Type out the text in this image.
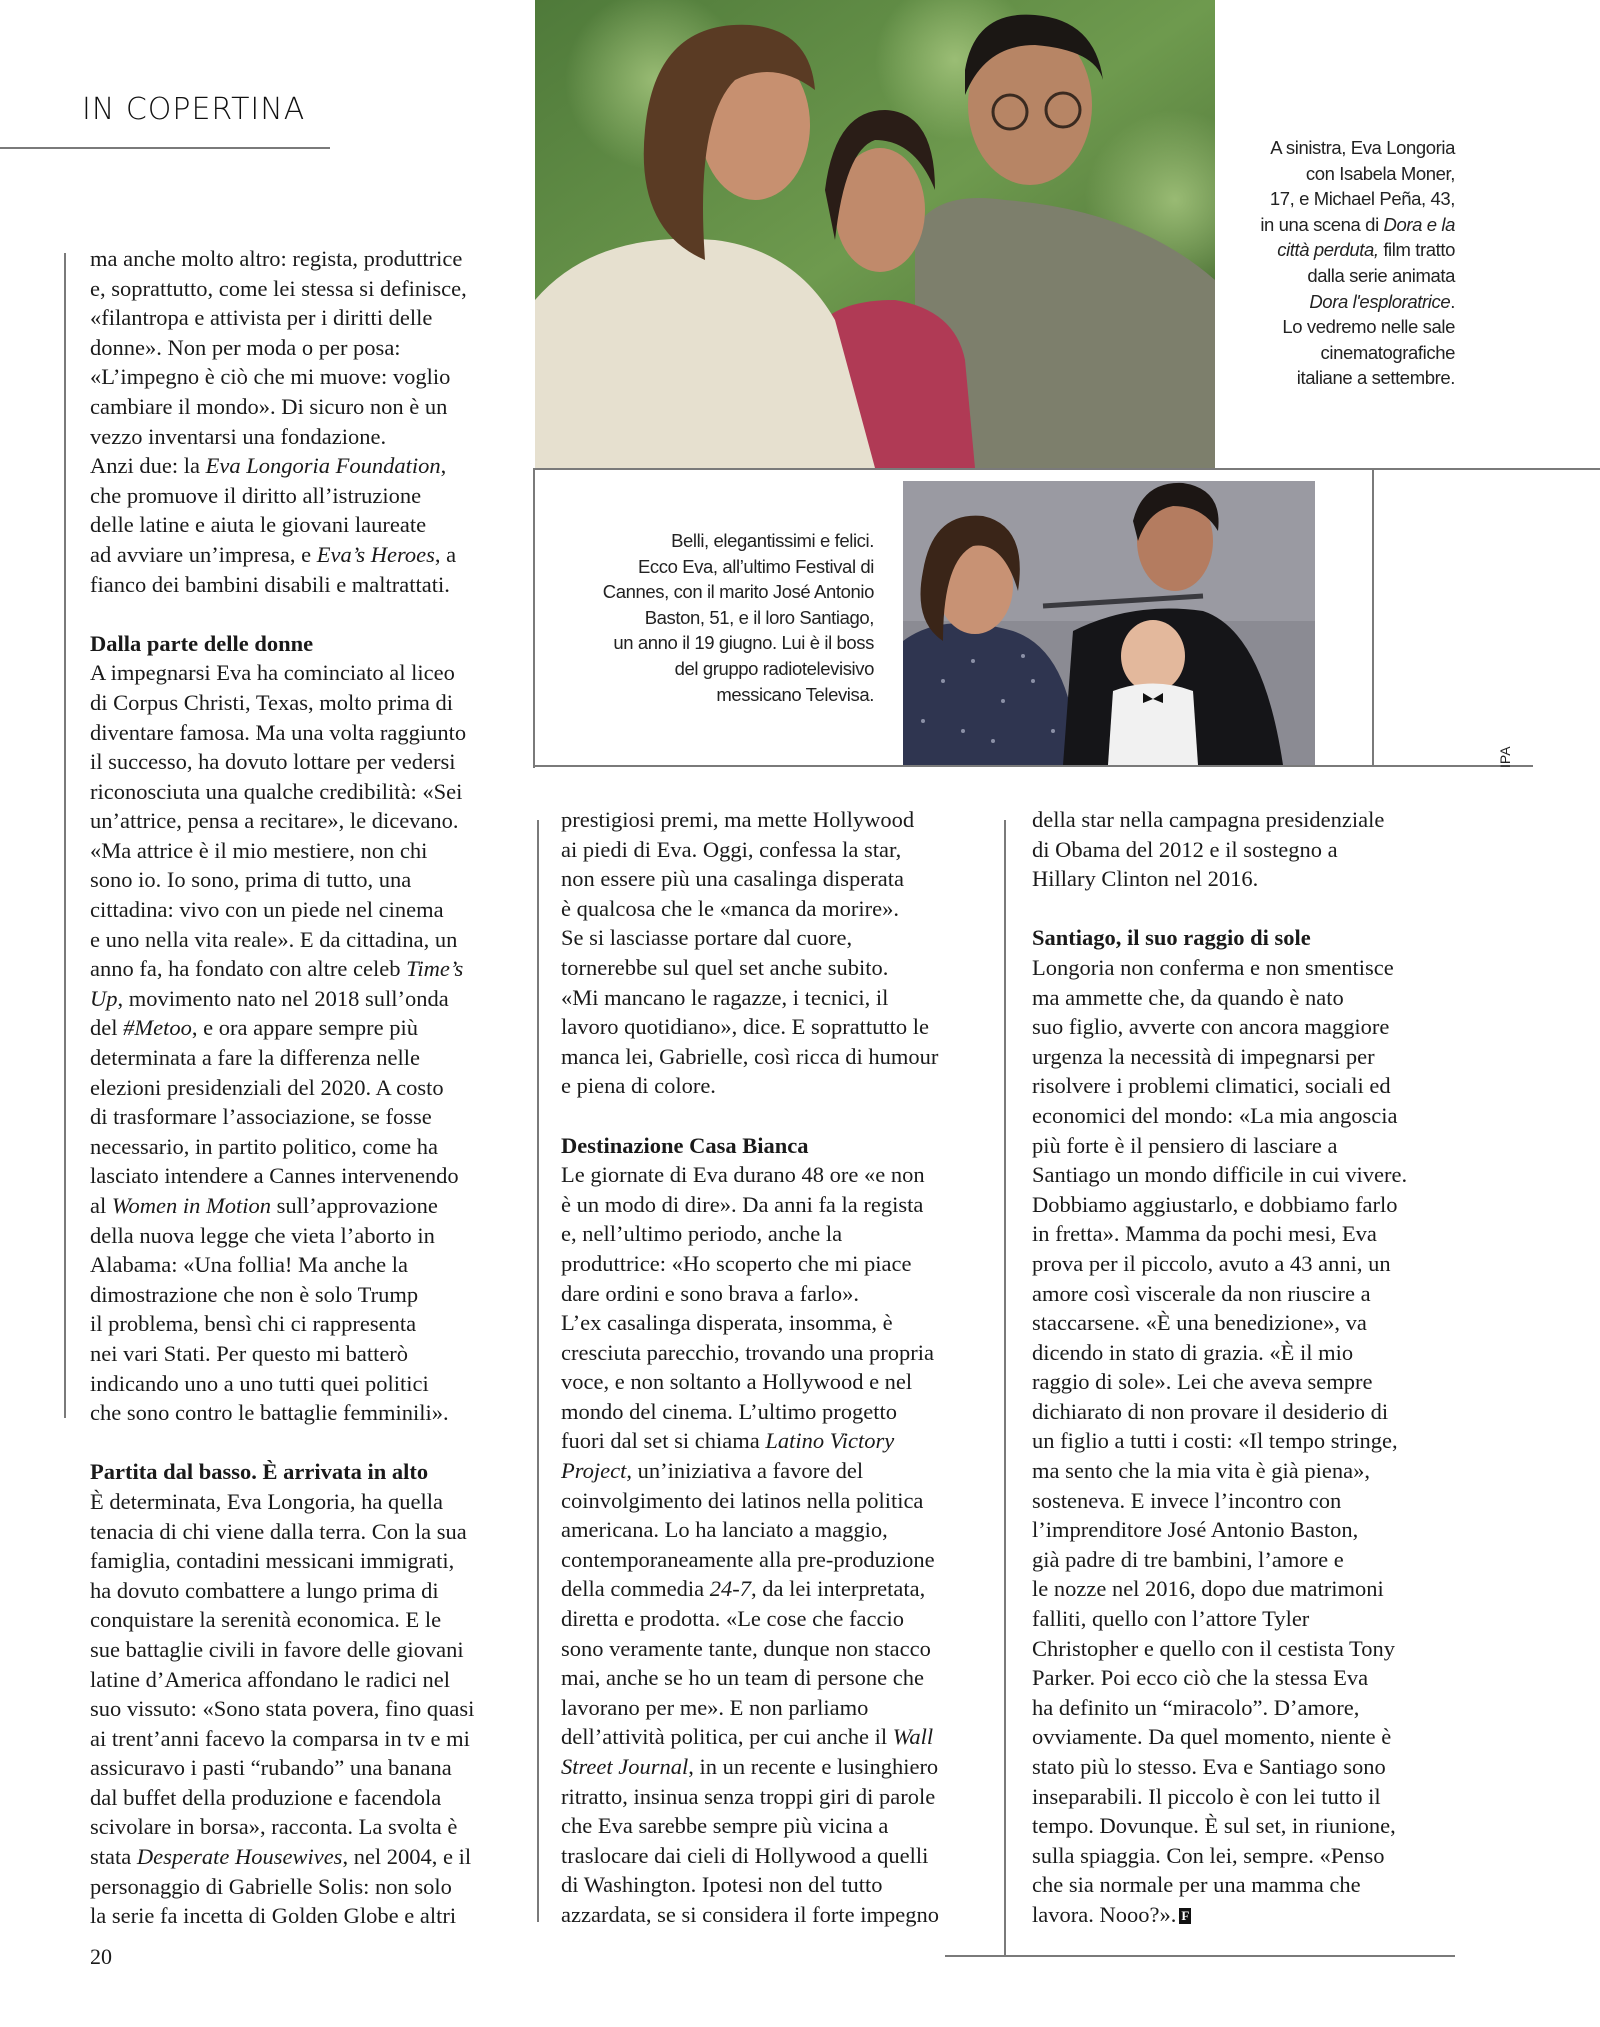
IN COPERTINA
A sinistra, Eva Longoria
con Isabela Moner,
17, e Michael Peña, 43,
in una scena di Dora e la
città perduta, film tratto
dalla serie animata
Dora l'esploratrice.
Lo vedremo nelle sale
cinematografiche
italiane a settembre.
Belli, elegantissimi e felici.
Ecco Eva, all’ultimo Festival di
Cannes, con il marito José Antonio
Baston, 51, e il loro Santiago,
un anno il 19 giugno. Lui è il boss
del gruppo radiotelevisivo
messicano Televisa.
IPA

ma anche molto altro: regista, produttrice
e, soprattutto, come lei stessa si definisce,
«filantropa e attivista per i diritti delle
donne». Non per moda o per posa:
«L’impegno è ciò che mi muove: voglio
cambiare il mondo». Di sicuro non è un
vezzo inventarsi una fondazione.
Anzi due: la Eva Longoria Foundation,
che promuove il diritto all’istruzione
delle latine e aiuta le giovani laureate
ad avviare un’impresa, e Eva’s Heroes, a
fianco dei bambini disabili e maltrattati.

Dalla parte delle donne

A impegnarsi Eva ha cominciato al liceo
di Corpus Christi, Texas, molto prima di
diventare famosa. Ma una volta raggiunto
il successo, ha dovuto lottare per vedersi
riconosciuta una qualche credibilità: «Sei
un’attrice, pensa a recitare», le dicevano.
«Ma attrice è il mio mestiere, non chi
sono io. Io sono, prima di tutto, una
cittadina: vivo con un piede nel cinema
e uno nella vita reale». E da cittadina, un
anno fa, ha fondato con altre celeb Time’s
Up, movimento nato nel 2018 sull’onda
del #Metoo, e ora appare sempre più
determinata a fare la differenza nelle
elezioni presidenziali del 2020. A costo
di trasformare l’associazione, se fosse
necessario, in partito politico, come ha
lasciato intendere a Cannes intervenendo
al Women in Motion sull’approvazione
della nuova legge che vieta l’aborto in
Alabama: «Una follia! Ma anche la
dimostrazione che non è solo Trump
il problema, bensì chi ci rappresenta
nei vari Stati. Per questo mi batterò
indicando uno a uno tutti quei politici
che sono contro le battaglie femminili».

Partita dal basso. È arrivata in alto

È determinata, Eva Longoria, ha quella
tenacia di chi viene dalla terra. Con la sua
famiglia, contadini messicani immigrati,
ha dovuto combattere a lungo prima di
conquistare la serenità economica. E le
sue battaglie civili in favore delle giovani
latine d’America affondano le radici nel
suo vissuto: «Sono stata povera, fino quasi
ai trent’anni facevo la comparsa in tv e mi
assicuravo i pasti “rubando” una banana
dal buffet della produzione e facendola
scivolare in borsa», racconta. La svolta è
stata Desperate Housewives, nel 2004, e il
personaggio di Gabrielle Solis: non solo
la serie fa incetta di Golden Globe e altri

prestigiosi premi, ma mette Hollywood
ai piedi di Eva. Oggi, confessa la star,
non essere più una casalinga disperata
è qualcosa che le «manca da morire».
Se si lasciasse portare dal cuore,
tornerebbe sul quel set anche subito.
«Mi mancano le ragazze, i tecnici, il
lavoro quotidiano», dice. E soprattutto le
manca lei, Gabrielle, così ricca di humour
e piena di colore.

Destinazione Casa Bianca

Le giornate di Eva durano 48 ore «e non
è un modo di dire». Da anni fa la regista
e, nell’ultimo periodo, anche la
produttrice: «Ho scoperto che mi piace
dare ordini e sono brava a farlo».
L’ex casalinga disperata, insomma, è
cresciuta parecchio, trovando una propria
voce, e non soltanto a Hollywood e nel
mondo del cinema. L’ultimo progetto
fuori dal set si chiama Latino Victory
Project, un’iniziativa a favore del
coinvolgimento dei latinos nella politica
americana. Lo ha lanciato a maggio,
contemporaneamente alla pre-produzione
della commedia 24-7, da lei interpretata,
diretta e prodotta. «Le cose che faccio
sono veramente tante, dunque non stacco
mai, anche se ho un team di persone che
lavorano per me». E non parliamo
dell’attività politica, per cui anche il Wall
Street Journal, in un recente e lusinghiero
ritratto, insinua senza troppi giri di parole
che Eva sarebbe sempre più vicina a
traslocare dai cieli di Hollywood a quelli
di Washington. Ipotesi non del tutto
azzardata, se si considera il forte impegno

della star nella campagna presidenziale
di Obama del 2012 e il sostegno a
Hillary Clinton nel 2016.

Santiago, il suo raggio di sole

Longoria non conferma e non smentisce
ma ammette che, da quando è nato
suo figlio, avverte con ancora maggiore
urgenza la necessità di impegnarsi per
risolvere i problemi climatici, sociali ed
economici del mondo: «La mia angoscia
più forte è il pensiero di lasciare a
Santiago un mondo difficile in cui vivere.
Dobbiamo aggiustarlo, e dobbiamo farlo
in fretta». Mamma da pochi mesi, Eva
prova per il piccolo, avuto a 43 anni, un
amore così viscerale da non riuscire a
staccarsene. «È una benedizione», va
dicendo in stato di grazia. «È il mio
raggio di sole». Lei che aveva sempre
dichiarato di non provare il desiderio di
un figlio a tutti i costi: «Il tempo stringe,
ma sento che la mia vita è già piena»,
sosteneva. E invece l’incontro con
l’imprenditore José Antonio Baston,
già padre di tre bambini, l’amore e
le nozze nel 2016, dopo due matrimoni
falliti, quello con l’attore Tyler
Christopher e quello con il cestista Tony
Parker. Poi ecco ciò che la stessa Eva
ha definito un “miracolo”. D’amore,
ovviamente. Da quel momento, niente è
stato più lo stesso. Eva e Santiago sono
inseparabili. Il piccolo è con lei tutto il
tempo. Dovunque. È sul set, in riunione,
sulla spiaggia. Con lei, sempre. «Penso
che sia normale per una mamma che
lavora. Nooo?». F

20
